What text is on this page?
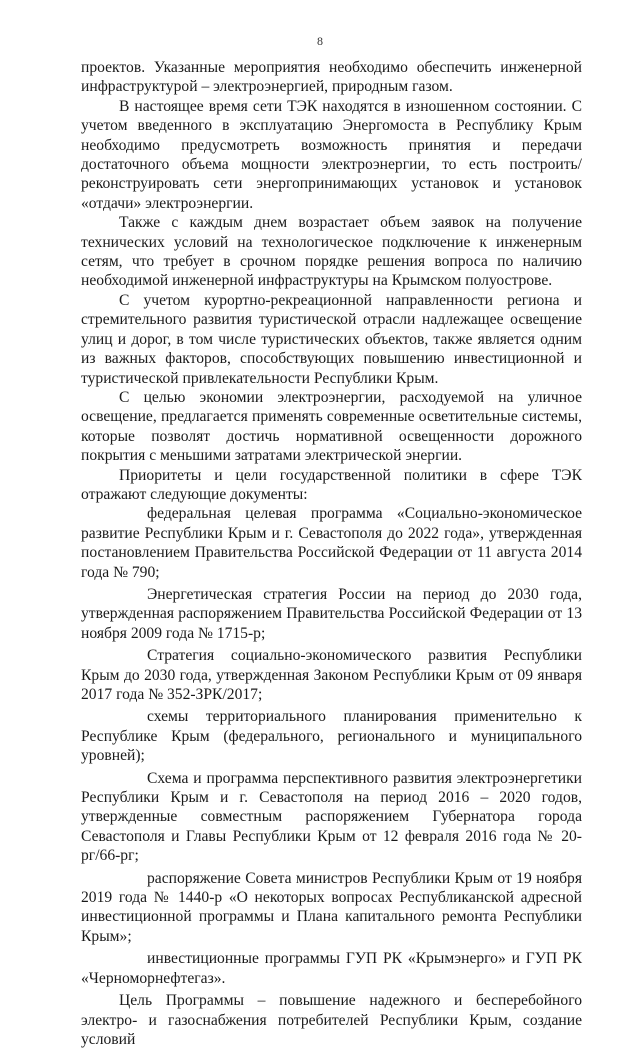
8

проектов. Указанные мероприятия необходимо обеспечить инженерной инфраструктурой – электроэнергией, природным газом.

В настоящее время сети ТЭК находятся в изношенном состоянии. С учетом введенного в эксплуатацию Энергомоста в Республику Крым необходимо предусмотреть возможность принятия и передачи достаточного объема мощности электроэнергии, то есть построить/реконструировать сети энергопринимающих установок и установок «отдачи» электроэнергии.

Также с каждым днем возрастает объем заявок на получение технических условий на технологическое подключение к инженерным сетям, что требует в срочном порядке решения вопроса по наличию необходимой инженерной инфраструктуры на Крымском полуострове.

С учетом курортно-рекреационной направленности региона и стремительного развития туристической отрасли надлежащее освещение улиц и дорог, в том числе туристических объектов, также является одним из важных факторов, способствующих повышению инвестиционной и туристической привлекательности Республики Крым.

С целью экономии электроэнергии, расходуемой на уличное освещение, предлагается применять современные осветительные системы, которые позволят достичь нормативной освещенности дорожного покрытия с меньшими затратами электрической энергии.

Приоритеты и цели государственной политики в сфере ТЭК отражают следующие документы:

федеральная целевая программа «Социально-экономическое развитие Республики Крым и г. Севастополя до 2022 года», утвержденная постановлением Правительства Российской Федерации от 11 августа 2014 года № 790;

Энергетическая стратегия России на период до 2030 года, утвержденная распоряжением Правительства Российской Федерации от 13 ноября 2009 года № 1715-р;

Стратегия социально-экономического развития Республики Крым до 2030 года, утвержденная Законом Республики Крым от 09 января 2017 года № 352-ЗРК/2017;

схемы территориального планирования применительно к Республике Крым (федерального, регионального и муниципального уровней);

Схема и программа перспективного развития электроэнергетики Республики Крым и г. Севастополя на период 2016 – 2020 годов, утвержденные совместным распоряжением Губернатора города Севастополя и Главы Республики Крым от 12 февраля 2016 года № 20-рг/66-рг;

распоряжение Совета министров Республики Крым от 19 ноября 2019 года № 1440-р «О некоторых вопросах Республиканской адресной инвестиционной программы и Плана капитального ремонта Республики Крым»;

инвестиционные программы ГУП РК «Крымэнерго» и ГУП РК «Черноморнефтегаз».

Цель Программы – повышение надежного и бесперебойного электро- и газоснабжения потребителей Республики Крым, создание условий
